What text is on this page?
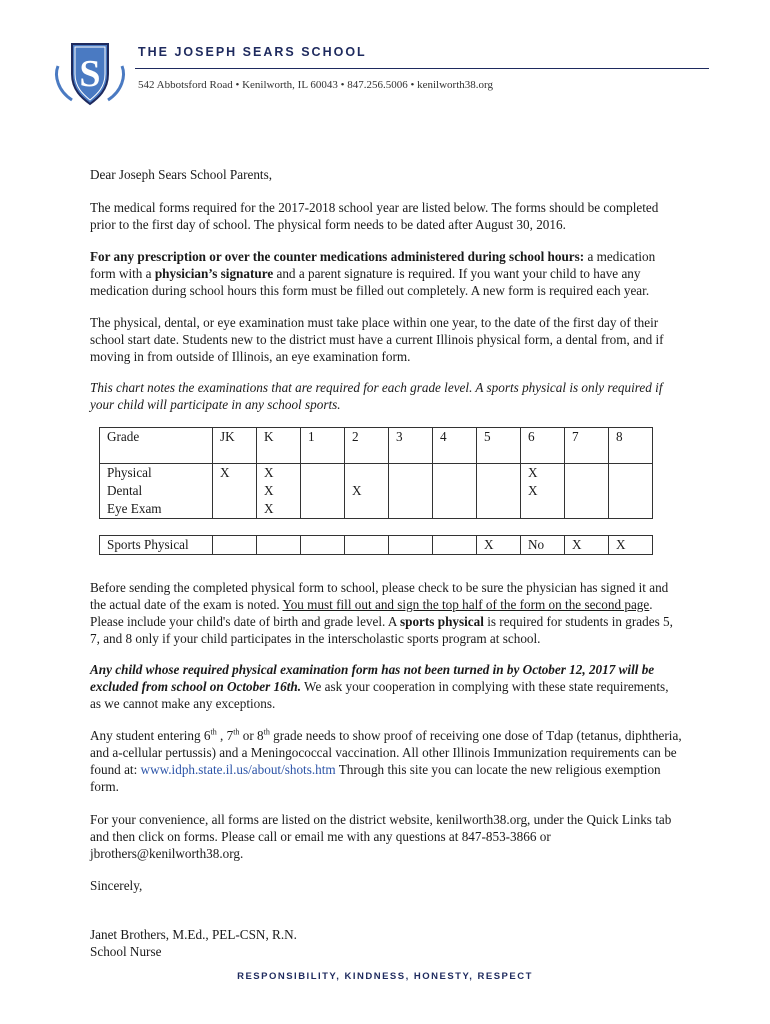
S
THE JOSEPH SEARS SCHOOL
542 Abbotsford Road • Kenilworth, IL 60043 • 847.256.5006 • kenilworth38.org

Dear Joseph Sears School Parents,

The medical forms required for the 2017-2018 school year are listed below. The forms should be completed prior to the first day of school. The physical form needs to be dated after August 30, 2016.

For any prescription or over the counter medications administered during school hours: a medication form with a physician’s signature and a parent signature is required. If you want your child to have any medication during school hours this form must be filled out completely. A new form is required each year.

The physical, dental, or eye examination must take place within one year, to the date of the first day of their school start date. Students new to the district must have a current Illinois physical form, a dental from, and if moving in from outside of Illinois, an eye examination form.

This chart notes the examinations that are required for each grade level. A sports physical is only required if your child will participate in any school sports.

Grade	JK	K	1	2	3	4	5	6	7	8
Physical	X	X						X		
Dental		X		X				X		
Eye Exam		X								

Sports Physical							X	No	X	X

Before sending the completed physical form to school, please check to be sure the physician has signed it and the actual date of the exam is noted. You must fill out and sign the top half of the form on the second page. Please include your child's date of birth and grade level. A sports physical is required for students in grades 5, 7, and 8 only if your child participates in the interscholastic sports program at school.

Any child whose required physical examination form has not been turned in by October 12, 2017 will be excluded from school on October 16th. We ask your cooperation in complying with these state requirements, as we cannot make any exceptions.

Any student entering 6th , 7th or 8th grade needs to show proof of receiving one dose of Tdap (tetanus, diphtheria, and a-cellular pertussis) and a Meningococcal vaccination. All other Illinois Immunization requirements can be found at: www.idph.state.il.us/about/shots.htm Through this site you can locate the new religious exemption form.

For your convenience, all forms are listed on the district website, kenilworth38.org, under the Quick Links tab and then click on forms. Please call or email me with any questions at 847-853-3866 or jbrothers@kenilworth38.org.

Sincerely,

Janet Brothers, M.Ed., PEL-CSN, R.N.

School Nurse

RESPONSIBILITY, KINDNESS, HONESTY, RESPECT
